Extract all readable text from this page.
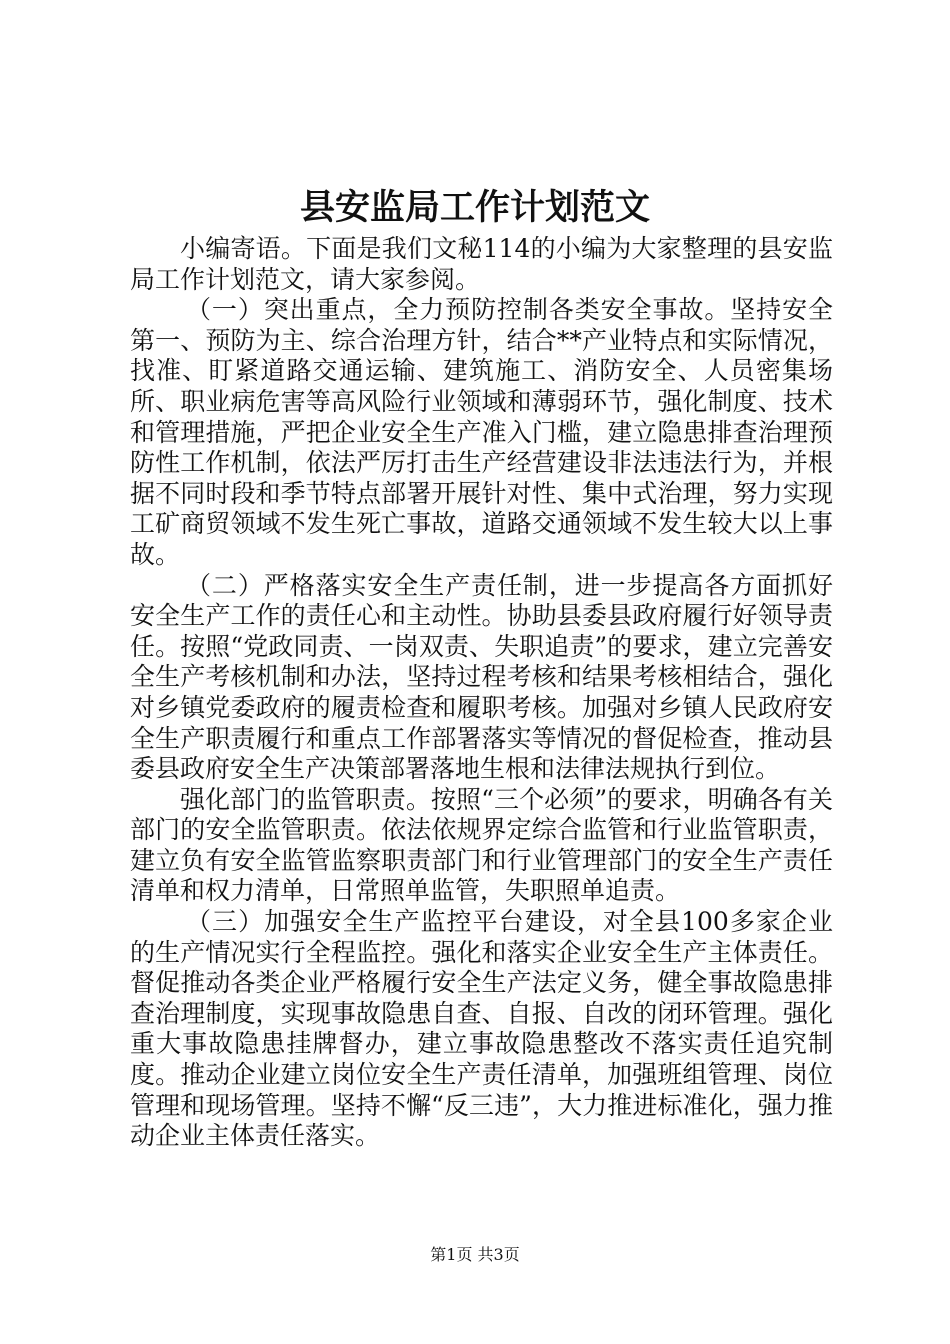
县安监局工作计划范文

小编寄语。下面是我们文秘114的小编为大家整理的县安监局工作计划范文，请大家参阅。

（一）突出重点，全力预防控制各类安全事故。坚持安全第一、预防为主、综合治理方针，结合**产业特点和实际情况，找准、盯紧道路交通运输、建筑施工、消防安全、人员密集场所、职业病危害等高风险行业领域和薄弱环节，强化制度、技术和管理措施，严把企业安全生产准入门槛，建立隐患排查治理预防性工作机制，依法严厉打击生产经营建设非法违法行为，并根据不同时段和季节特点部署开展针对性、集中式治理，努力实现工矿商贸领域不发生死亡事故，道路交通领域不发生较大以上事故。

（二）严格落实安全生产责任制，进一步提高各方面抓好安全生产工作的责任心和主动性。协助县委县政府履行好领导责任。按照“党政同责、一岗双责、失职追责”的要求，建立完善安全生产考核机制和办法，坚持过程考核和结果考核相结合，强化对乡镇党委政府的履责检查和履职考核。加强对乡镇人民政府安全生产职责履行和重点工作部署落实等情况的督促检查，推动县委县政府安全生产决策部署落地生根和法律法规执行到位。

强化部门的监管职责。按照“三个必须”的要求，明确各有关部门的安全监管职责。依法依规界定综合监管和行业监管职责，建立负有安全监管监察职责部门和行业管理部门的安全生产责任清单和权力清单，日常照单监管，失职照单追责。

（三）加强安全生产监控平台建设，对全县100多家企业的生产情况实行全程监控。强化和落实企业安全生产主体责任。督促推动各类企业严格履行安全生产法定义务，健全事故隐患排查治理制度，实现事故隐患自查、自报、自改的闭环管理。强化重大事故隐患挂牌督办，建立事故隐患整改不落实责任追究制度。推动企业建立岗位安全生产责任清单，加强班组管理、岗位管理和现场管理。坚持不懈“反三违”，大力推进标准化，强力推动企业主体责任落实。

第1页 共3页
